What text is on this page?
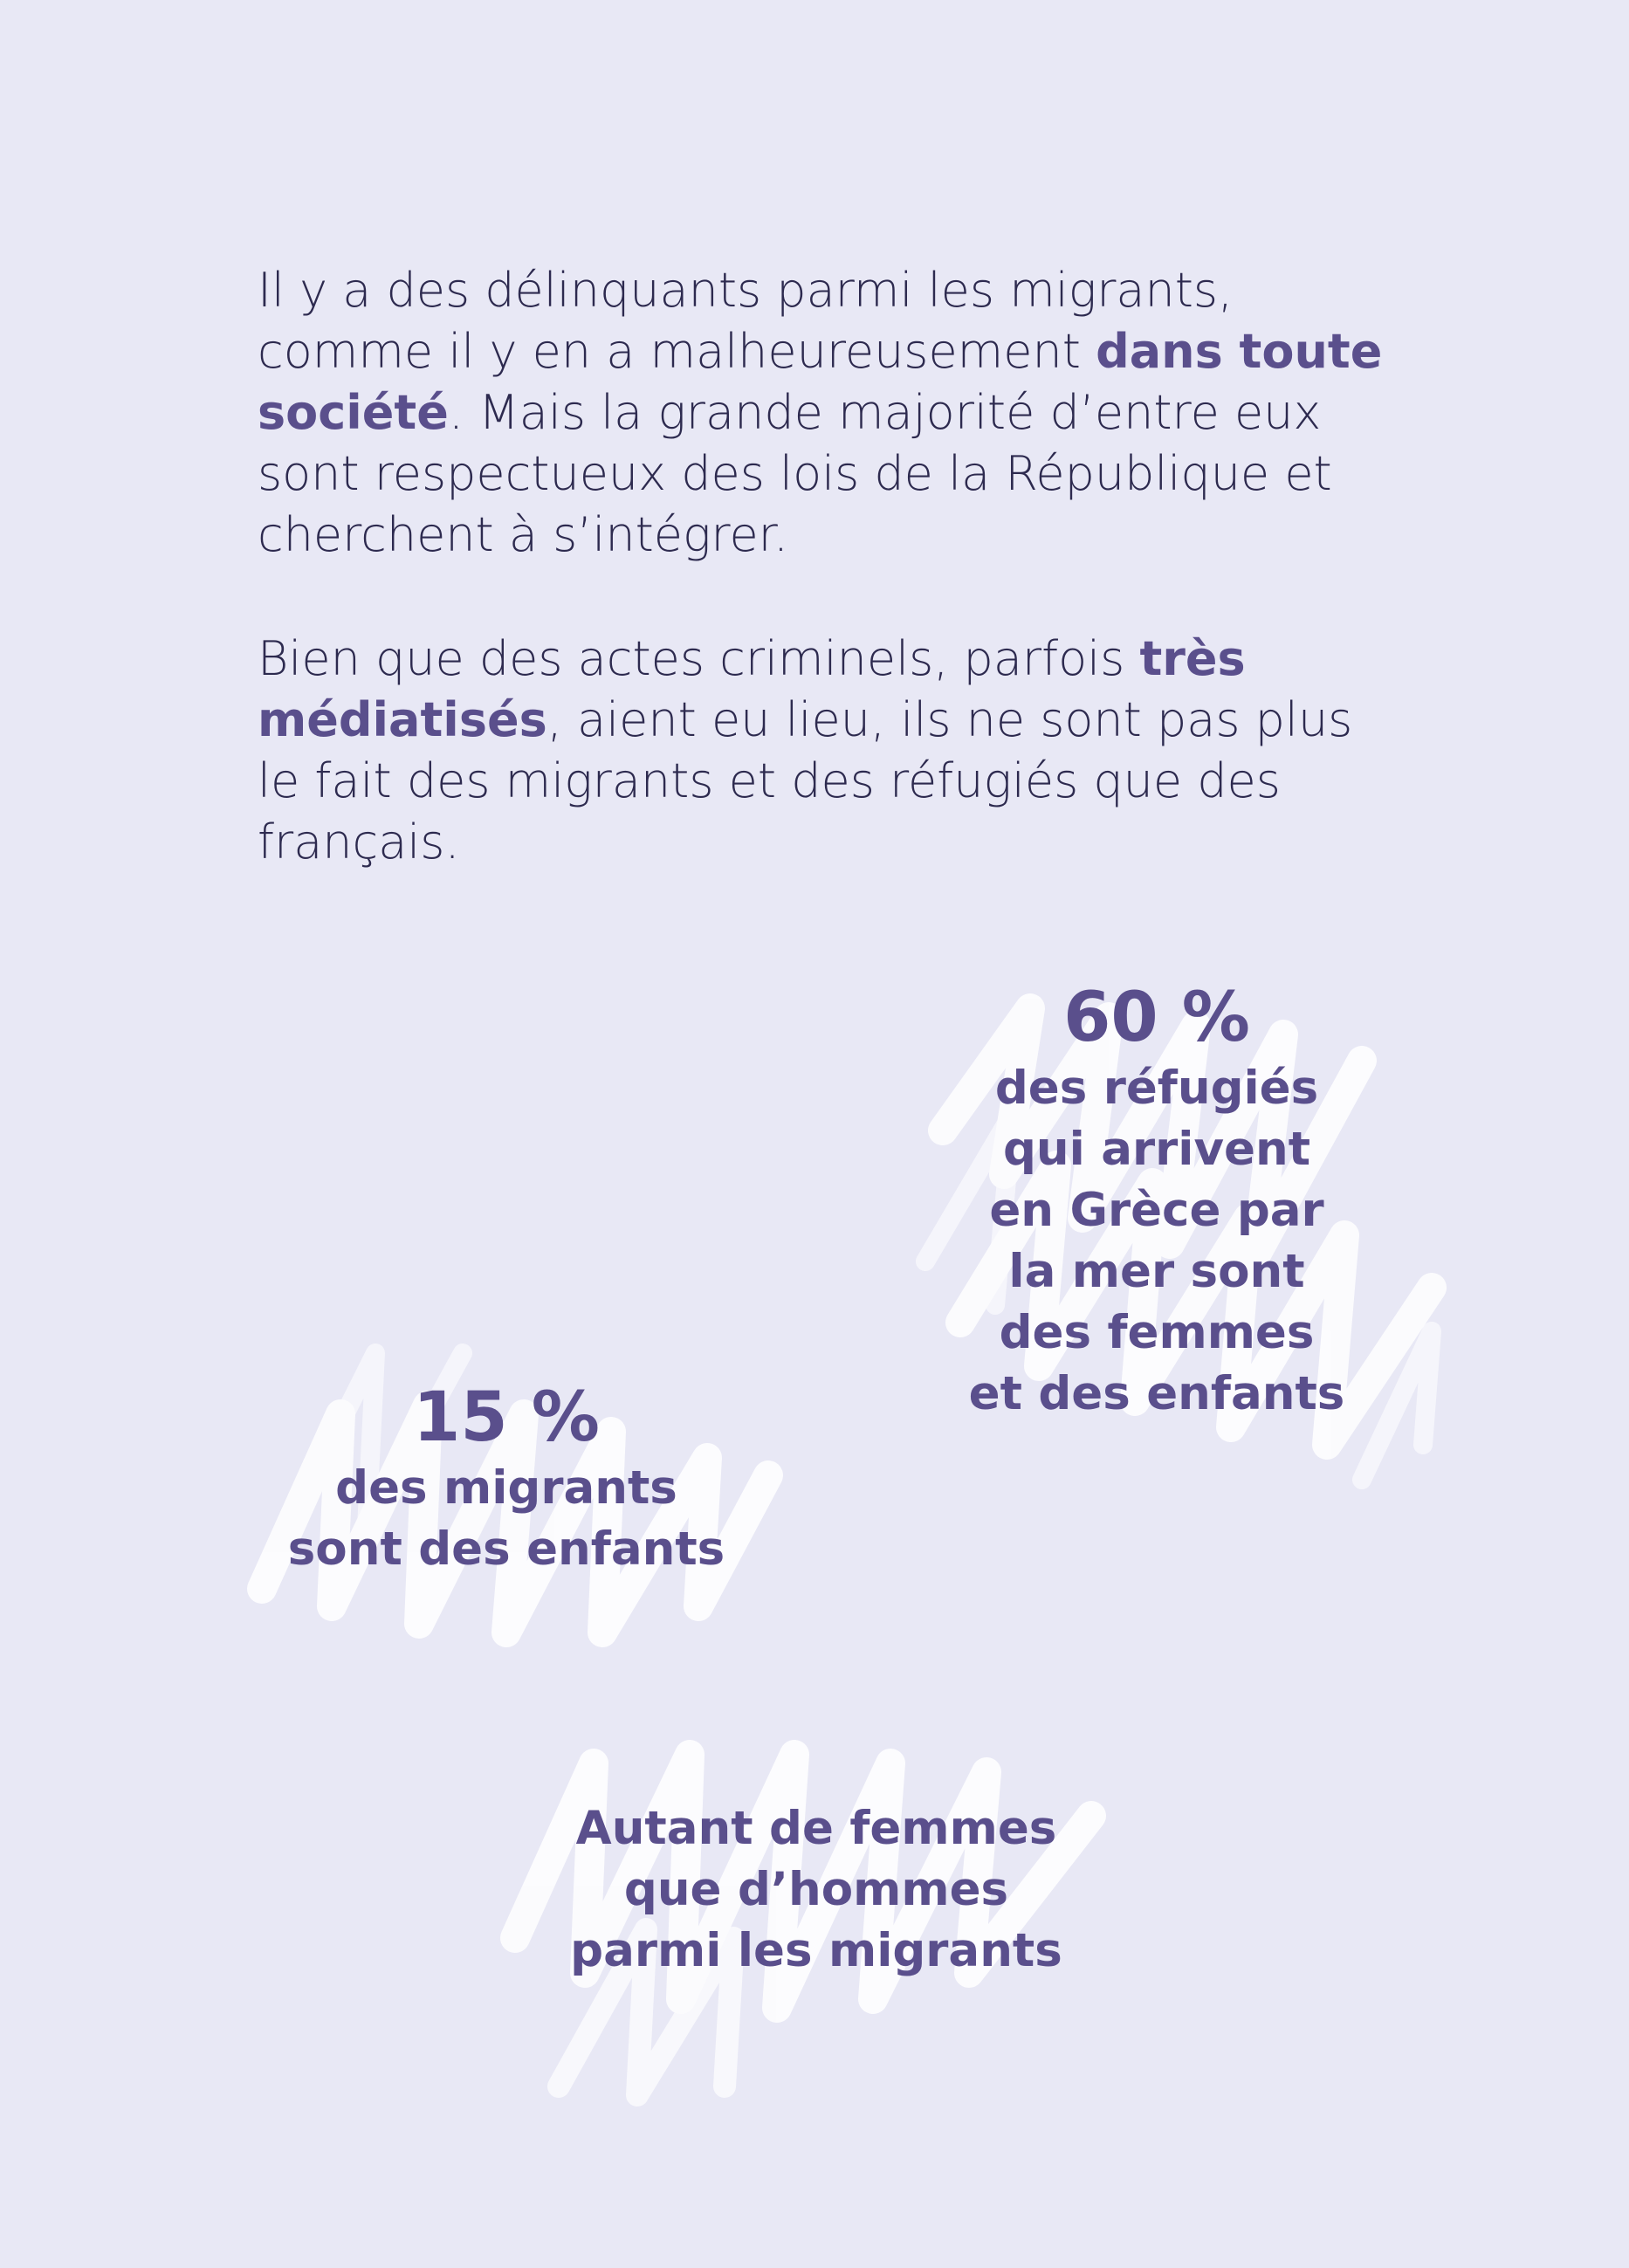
Il y a des délinquants parmi les migrants, comme il y en a malheureusement dans toute société. Mais la grande majorité d’entre eux sont respectueux des lois de la République et cherchent à s’intégrer.

Bien que des actes criminels, parfois très médiatisés, aient eu lieu, ils ne sont pas plus le fait des migrants et des réfugiés que des français.

60 %
des réfugiés
qui arrivent
en Grèce par
la mer sont
des femmes
et des enfants
15 %
des migrants
sont des enfants
Autant de femmes
que d’hommes
parmi les migrants
